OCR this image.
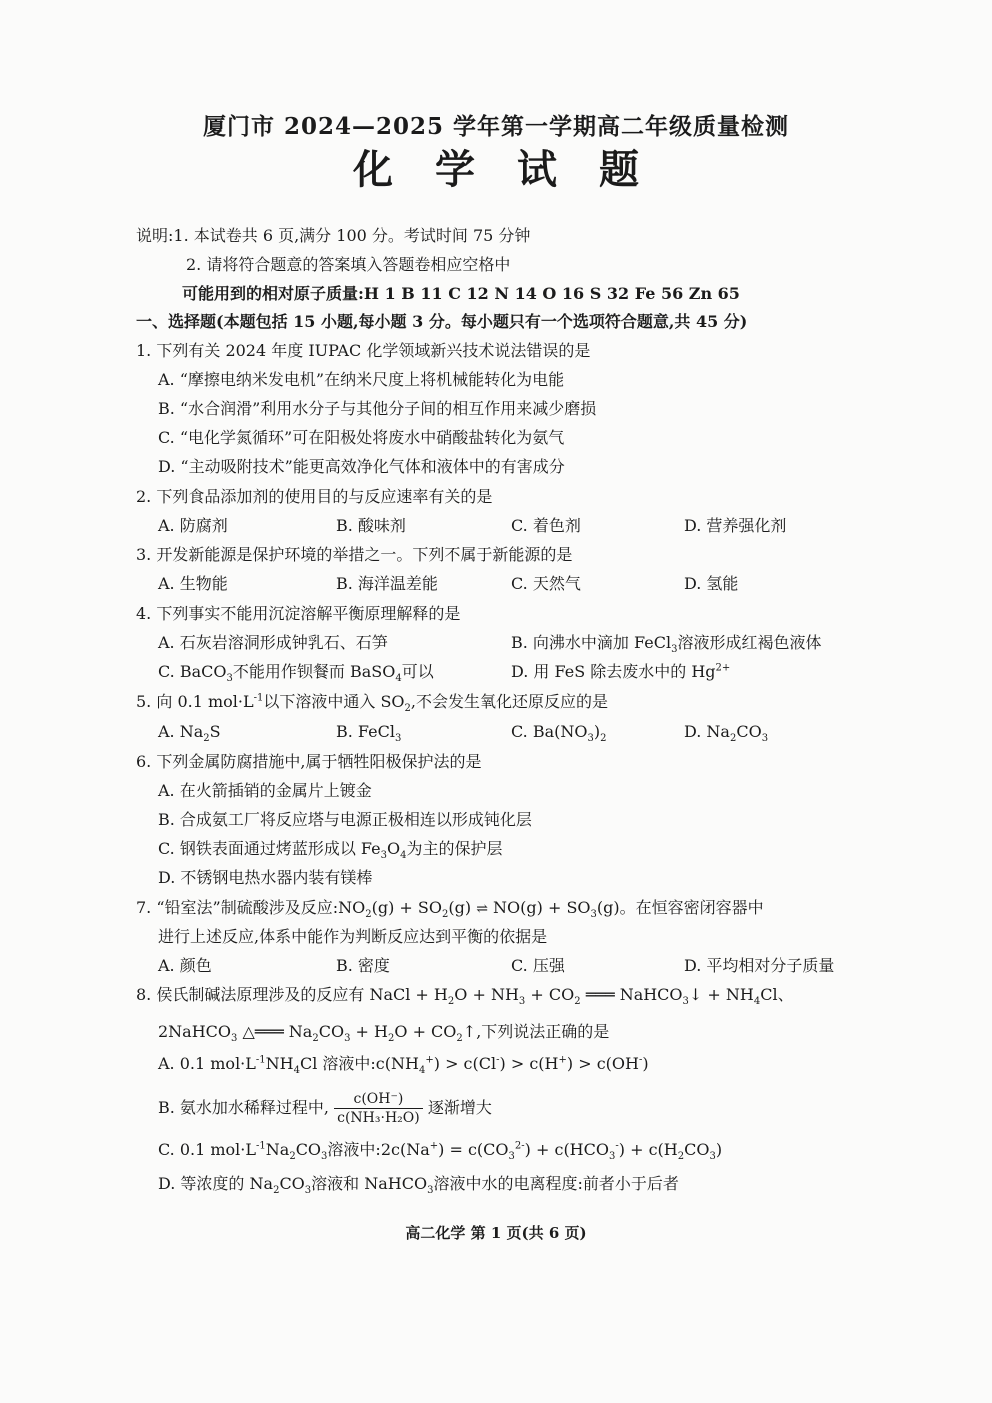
厦门市 2024—2025 学年第一学期高二年级质量检测
化学试题
说明:1. 本试卷共 6 页,满分 100 分。考试时间 75 分钟
2. 请将符合题意的答案填入答题卷相应空格中
可能用到的相对原子质量:H 1 B 11 C 12 N 14 O 16 S 32 Fe 56 Zn 65
一、选择题(本题包括 15 小题,每小题 3 分。每小题只有一个选项符合题意,共 45 分)
1. 下列有关 2024 年度 IUPAC 化学领域新兴技术说法错误的是
A. “摩擦电纳米发电机”在纳米尺度上将机械能转化为电能
B. “水合润滑”利用水分子与其他分子间的相互作用来减少磨损
C. “电化学氮循环”可在阳极处将废水中硝酸盐转化为氨气
D. “主动吸附技术”能更高效净化气体和液体中的有害成分
2. 下列食品添加剂的使用目的与反应速率有关的是
A. 防腐剂	B. 酸味剂	C. 着色剂	D. 营养强化剂
3. 开发新能源是保护环境的举措之一。下列不属于新能源的是
A. 生物能	B. 海洋温差能	C. 天然气	D. 氢能
4. 下列事实不能用沉淀溶解平衡原理解释的是
A. 石灰岩溶洞形成钟乳石、石笋	B. 向沸水中滴加 FeCl$_3$溶液形成红褐色液体
C. BaCO$_3$不能用作钡餐而 BaSO$_4$可以	D. 用 FeS 除去废水中的 $Hg^{2+}$
5. 向 0.1 $mol\cdot L^{-1}$以下溶液中通入 $SO_2$,不会发生氧化还原反应的是
A. $Na_2S$	B. FeCl$_3$	C. $Ba(NO_3)_2$	D. $Na_2CO_3$
6. 下列金属防腐措施中,属于牺牲阳极保护法的是
A. 在火箭插销的金属片上镀金
B. 合成氨工厂将反应塔与电源正极相连以形成钝化层
C. 钢铁表面通过烤蓝形成以 $Fe_3O_4$为主的保护层
D. 不锈钢电热水器内装有镁棒
7. “铅室法”制硫酸涉及反应$:NO_2(g) + SO_2(g)$ ⇌ $NO(g) + SO_3(g)$。在恒容密闭容器中
进行上述反应,体系中能作为判断反应达到平衡的依据是
A. 颜色	B. 密度	C. 压强	D. 平均相对分子质量
8. 侯氏制碱法原理涉及的反应有 NaCl + $H_2O + NH_3 + CO_2$ ═══ NaHCO$_3$↓ + $NH_4Cl$、
2NaHCO$_3$ △═══ $Na_2CO_3 + H_2O$ + $CO_2↑$,下列说法正确的是
A. 0.1 $mol\cdot L^{-1}NH_4Cl$ 溶液中$:c(NH_4^+) > c(Cl^-) > c(H^+) > c(OH^-)$
B. 氨水加水稀释过程中, $\frac{c(OH^-)}{\text{c(NH₃·H₂O)}}$ 逐渐增大
C. 0.1 $mol\cdot L^{-1}Na_2CO_3$溶液中:2c(Na+) = $c(CO_3^{2-}) + c(HCO_3^-) + c(H_2CO_3)$
D. 等浓度的 $Na_2CO_3$溶液和 NaHCO$_3$溶液中水的电离程度:前者小于后者
高二化学 第 1 页(共 6 页)
